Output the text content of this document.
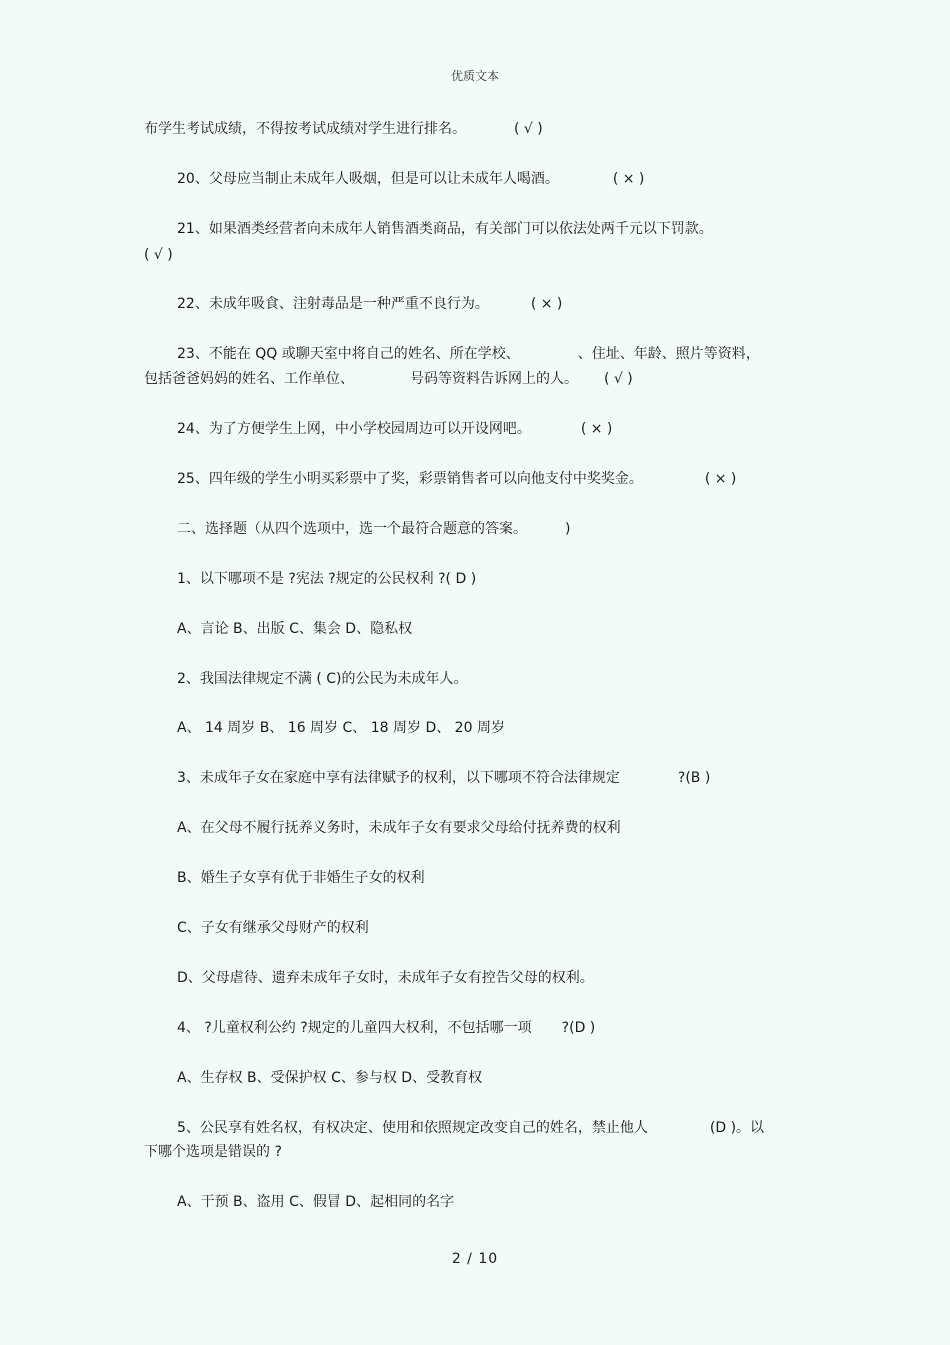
优质文本
布学生考试成绩，不得按考试成绩对学生进行排名。	( √ )
20、父母应当制止未成年人吸烟，但是可以让未成年人喝酒。	( × )
21、如果酒类经营者向未成年人销售酒类商品，有关部门可以依法处两千元以下罚款。
( √ )
22、未成年吸食、注射毒品是一种严重不良行为。	( × )
23、不能在 QQ 或聊天室中将自己的姓名、所在学校、	、住址、年龄、照片等资料，
包括爸爸妈妈的姓名、工作单位、	号码等资料告诉网上的人。 ( √ )
24、为了方便学生上网，中小学校园周边可以开设网吧。	( × )
25、四年级的学生小明买彩票中了奖，彩票销售者可以向他支付中奖奖金。	( × )
二、选择题（从四个选项中，选一个最符合题意的答案。	)
1、以下哪项不是 ?宪法 ?规定的公民权利 ?( D )
A、言论 B、出版 C、集会 D、隐私权
2、我国法律规定不满 ( C)的公民为未成年人。
A、 14 周岁 B、 16 周岁 C、 18 周岁 D、 20 周岁
3、未成年子女在家庭中享有法律赋予的权利，以下哪项不符合法律规定	?(B )
A、在父母不履行抚养义务时，未成年子女有要求父母给付抚养费的权利
B、婚生子女享有优于非婚生子女的权利
C、子女有继承父母财产的权利
D、父母虐待、遗弃未成年子女时，未成年子女有控告父母的权利。
4、 ?儿童权利公约 ?规定的儿童四大权利，不包括哪一项 ?(D )
A、生存权 B、受保护权 C、参与权 D、受教育权
5、公民享有姓名权，有权决定、使用和依照规定改变自己的姓名，禁止他人	(D )。以
下哪个选项是错误的 ?
A、干预 B、盗用 C、假冒 D、起相同的名字
2 / 10
